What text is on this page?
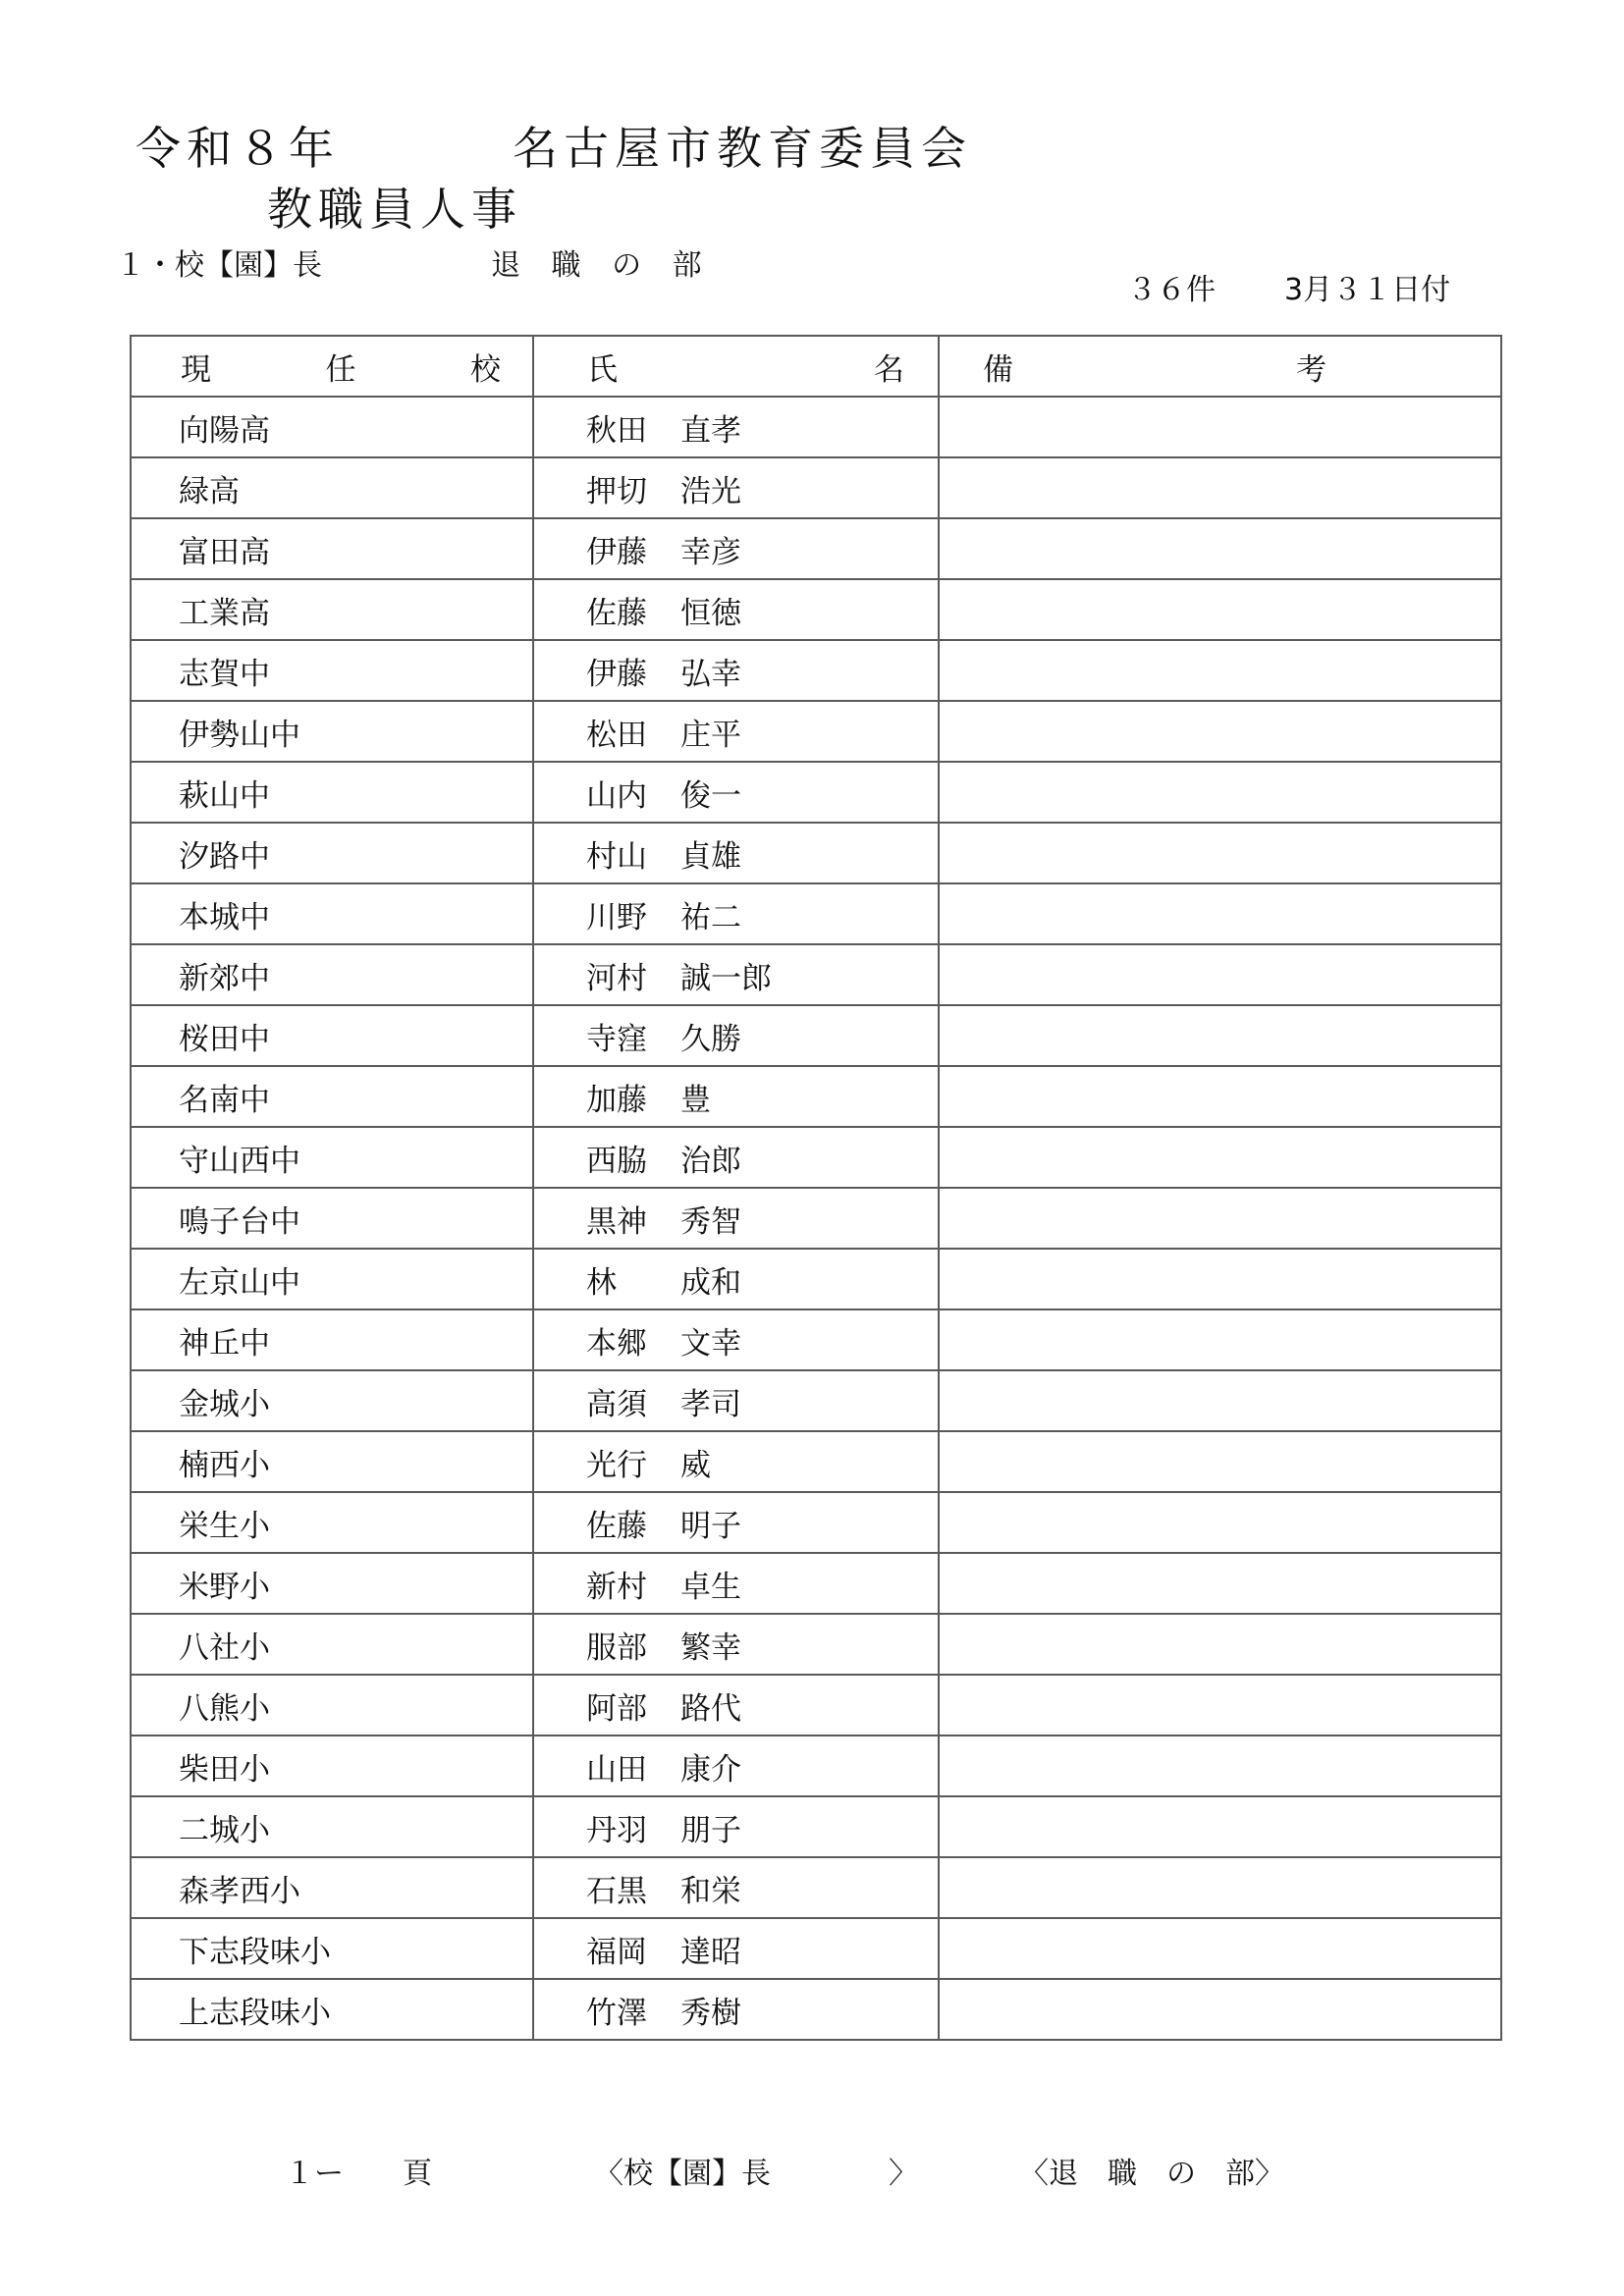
令和８年	名古屋市教育委員会
教職員人事
１・校【園】長	退 職 の 部
３６件 3月３１日付
現 任 校	氏 名	備 考

向陽高	秋田 直孝	

緑高	押切 浩光	

富田高	伊藤 幸彦	

工業高	佐藤 恒徳	

志賀中	伊藤 弘幸	

伊勢山中	松田 庄平	

萩山中	山内 俊一	

汐路中	村山 貞雄	

本城中	川野 祐二	

新郊中	河村 誠一郎	

桜田中	寺窪 久勝	

名南中	加藤 豊	

守山西中	西脇 治郎	

鳴子台中	黒神 秀智	

左京山中	林 成和	

神丘中	本郷 文幸	

金城小	高須 孝司	

楠西小	光行 威	

栄生小	佐藤 明子	

米野小	新村 卓生	

八社小	服部 繁幸	

八熊小	阿部 路代	

柴田小	山田 康介	

二城小	丹羽 朋子	

森孝西小	石黒 和栄	

下志段味小	福岡 達昭	

上志段味小	竹澤 秀樹	

１ー　　頁	〈校【園】長　　　　〉	〈退　職　の　部〉
